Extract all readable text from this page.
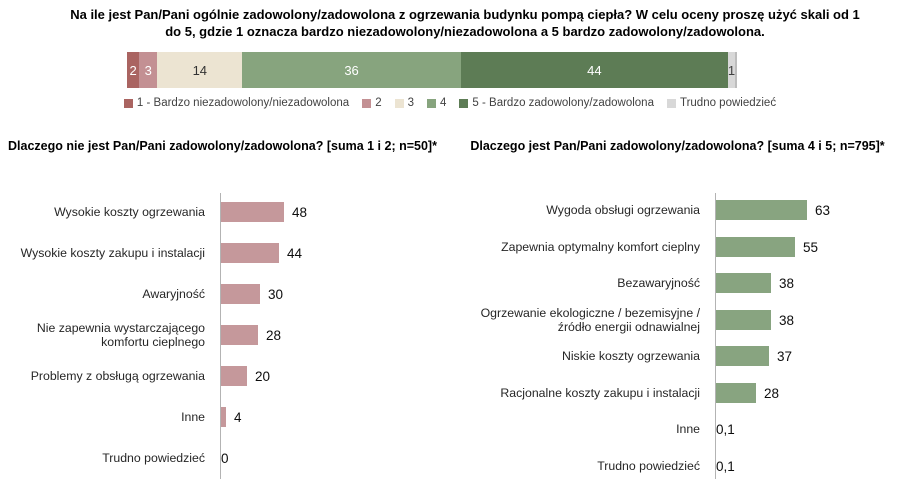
Na ile jest Pan/Pani ogólnie zadowolony/zadowolona z ogrzewania budynku pompą ciepła? W celu oceny proszę użyć skali od 1 do 5, gdzie 1 oznacza bardzo niezadowolony/niezadowolona a 5 bardzo zadowolony/zadowolona.
2 3	14	36	44	1
1 - Bardzo niezadowolony/niezadowolona 2 3 4 5 - Bardzo zadowolony/zadowolona Trudno powiedzieć
Dlaczego nie jest Pan/Pani zadowolony/zadowolona? [suma 1 i 2; n=50]*	Dlaczego jest Pan/Pani zadowolony/zadowolona? [suma 4 i 5; n=795]*
Wysokie koszty ogrzewania	48
Wysokie koszty zakupu i instalacji	44
Awaryjność	30
Nie zapewnia wystarczającego komfortu cieplnego	28
Problemy z obsługą ogrzewania	20
Inne	4
Trudno powiedzieć	0
Wygoda obsługi ogrzewania	63
Zapewnia optymalny komfort cieplny	55
Bezawaryjność	38
Ogrzewanie ekologiczne / bezemisyjne / źródło energii odnawialnej	38
Niskie koszty ogrzewania	37
Racjonalne koszty zakupu i instalacji	28
Inne	0,1
Trudno powiedzieć	0,1
